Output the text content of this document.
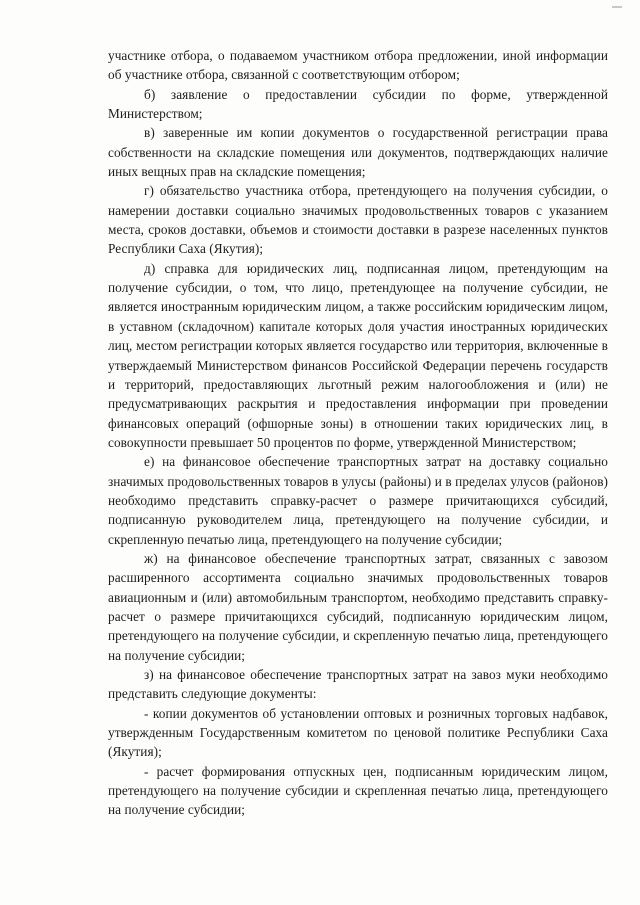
участнике отбора, о подаваемом участником отбора предложении, иной информации об участнике отбора, связанной с соответствующим отбором;

б) заявление о предоставлении субсидии по форме, утвержденной Министерством;

в) заверенные им копии документов о государственной регистрации права собственности на складские помещения или документов, подтверждающих наличие иных вещных прав на складские помещения;

г) обязательство участника отбора, претендующего на получения субсидии, о намерении доставки социально значимых продовольственных товаров с указанием места, сроков доставки, объемов и стоимости доставки в разрезе населенных пунктов Республики Саха (Якутия);

д) справка для юридических лиц, подписанная лицом, претендующим на получение субсидии, о том, что лицо, претендующее на получение субсидии, не является иностранным юридическим лицом, а также российским юридическим лицом, в уставном (складочном) капитале которых доля участия иностранных юридических лиц, местом регистрации которых является государство или территория, включенные в утверждаемый Министерством финансов Российской Федерации перечень государств и территорий, предоставляющих льготный режим налогообложения и (или) не предусматривающих раскрытия и предоставления информации при проведении финансовых операций (офшорные зоны) в отношении таких юридических лиц, в совокупности превышает 50 процентов по форме, утвержденной Министерством;

е) на финансовое обеспечение транспортных затрат на доставку социально значимых продовольственных товаров в улусы (районы) и в пределах улусов (районов) необходимо представить справку-расчет о размере причитающихся субсидий, подписанную руководителем лица, претендующего на получение субсидии, и скрепленную печатью лица, претендующего на получение субсидии;

ж) на финансовое обеспечение транспортных затрат, связанных с завозом расширенного ассортимента социально значимых продовольственных товаров авиационным и (или) автомобильным транспортом, необходимо представить справку-расчет о размере причитающихся субсидий, подписанную юридическим лицом, претендующего на получение субсидии, и скрепленную печатью лица, претендующего на получение субсидии;

з) на финансовое обеспечение транспортных затрат на завоз муки необходимо представить следующие документы:

- копии документов об установлении оптовых и розничных торговых надбавок, утвержденным Государственным комитетом по ценовой политике Республики Саха (Якутия);

- расчет формирования отпускных цен, подписанным юридическим лицом, претендующего на получение субсидии и скрепленная печатью лица, претендующего на получение субсидии;
